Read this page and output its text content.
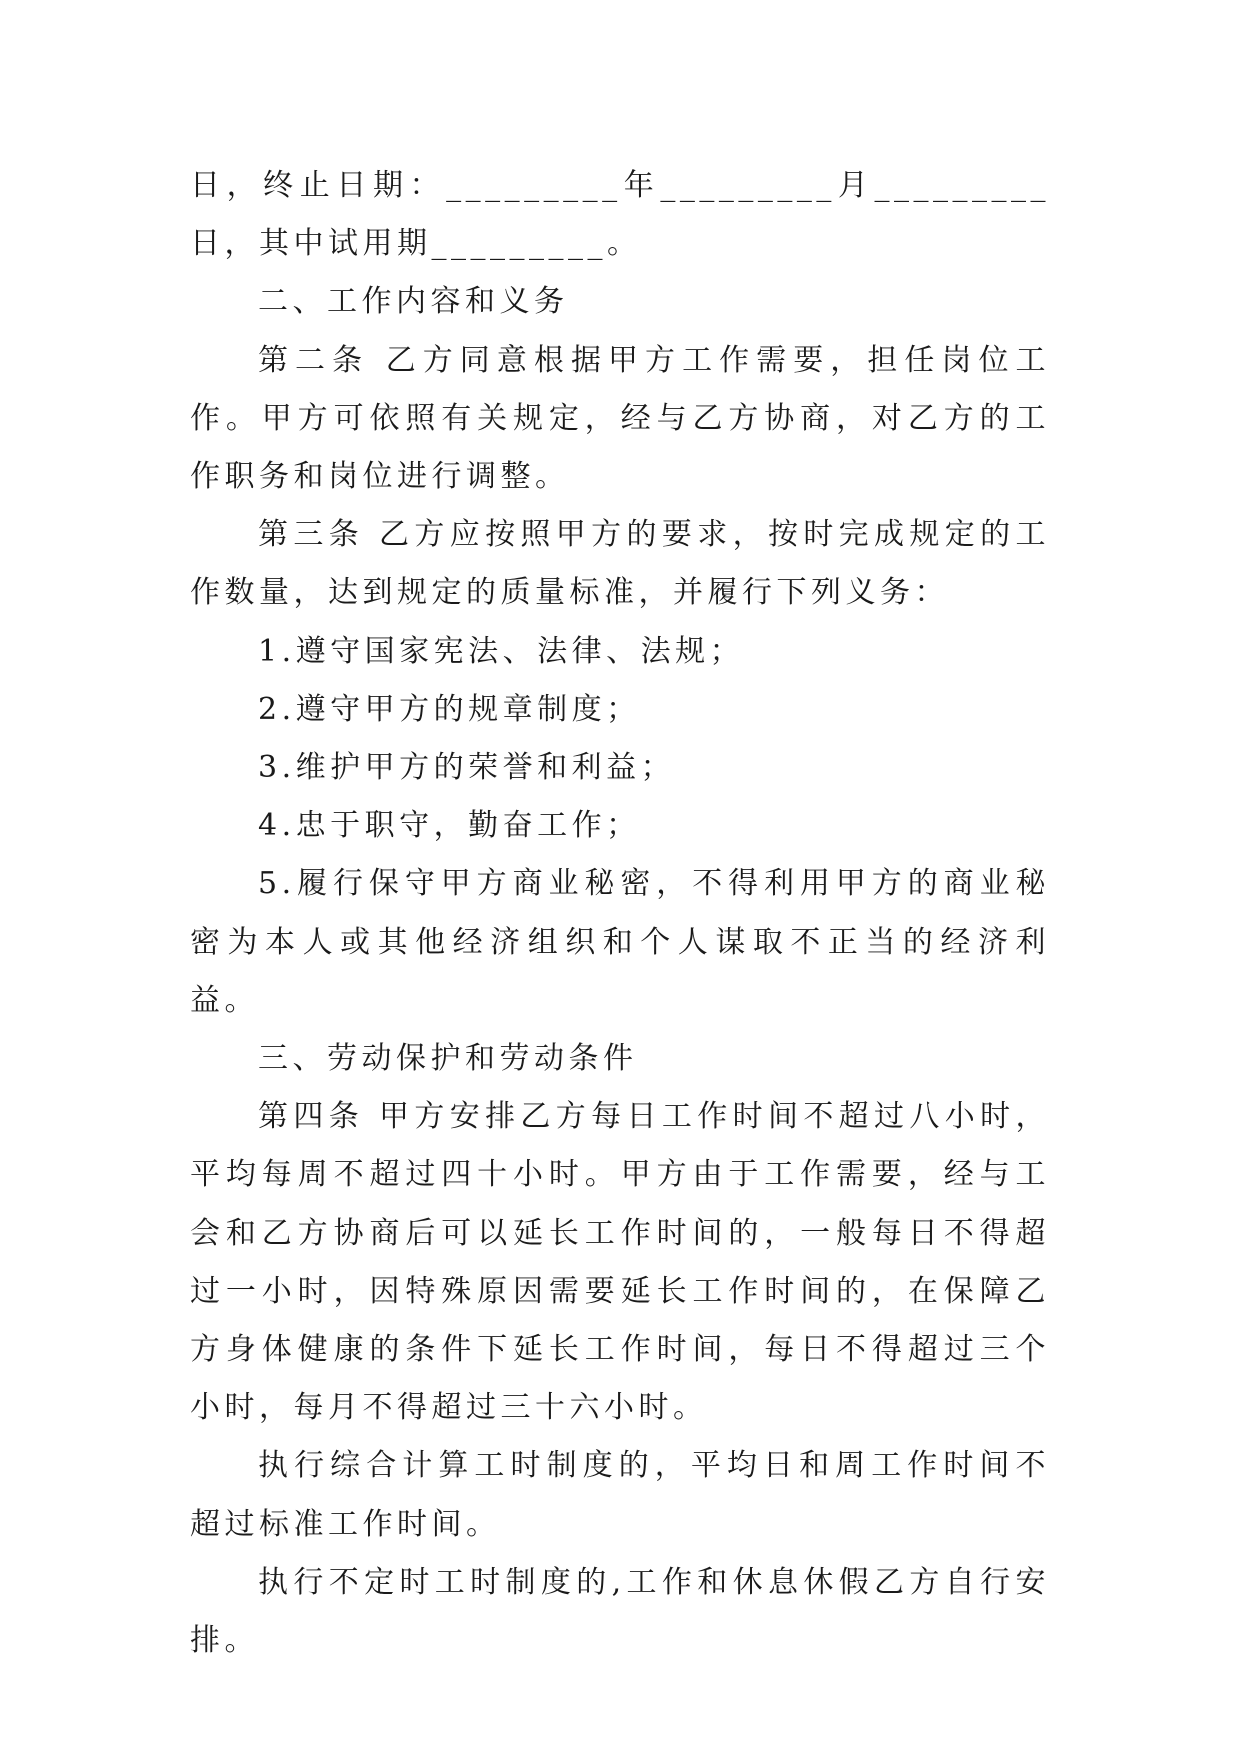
日，终止日期：_________年_________月_________日，其中试用期_________。

二、工作内容和义务

第二条 乙方同意根据甲方工作需要，担任岗位工作。甲方可依照有关规定，经与乙方协商，对乙方的工作职务和岗位进行调整。

第三条 乙方应按照甲方的要求，按时完成规定的工作数量，达到规定的质量标准，并履行下列义务：

1.遵守国家宪法、法律、法规；

2.遵守甲方的规章制度；

3.维护甲方的荣誉和利益；

4.忠于职守，勤奋工作；

5.履行保守甲方商业秘密，不得利用甲方的商业秘密为本人或其他经济组织和个人谋取不正当的经济利益。

三、劳动保护和劳动条件

第四条 甲方安排乙方每日工作时间不超过八小时，平均每周不超过四十小时。甲方由于工作需要，经与工会和乙方协商后可以延长工作时间的，一般每日不得超过一小时，因特殊原因需要延长工作时间的，在保障乙方身体健康的条件下延长工作时间，每日不得超过三个小时，每月不得超过三十六小时。

执行综合计算工时制度的，平均日和周工作时间不超过标准工作时间。

执行不定时工时制度的,工作和休息休假乙方自行安排。
